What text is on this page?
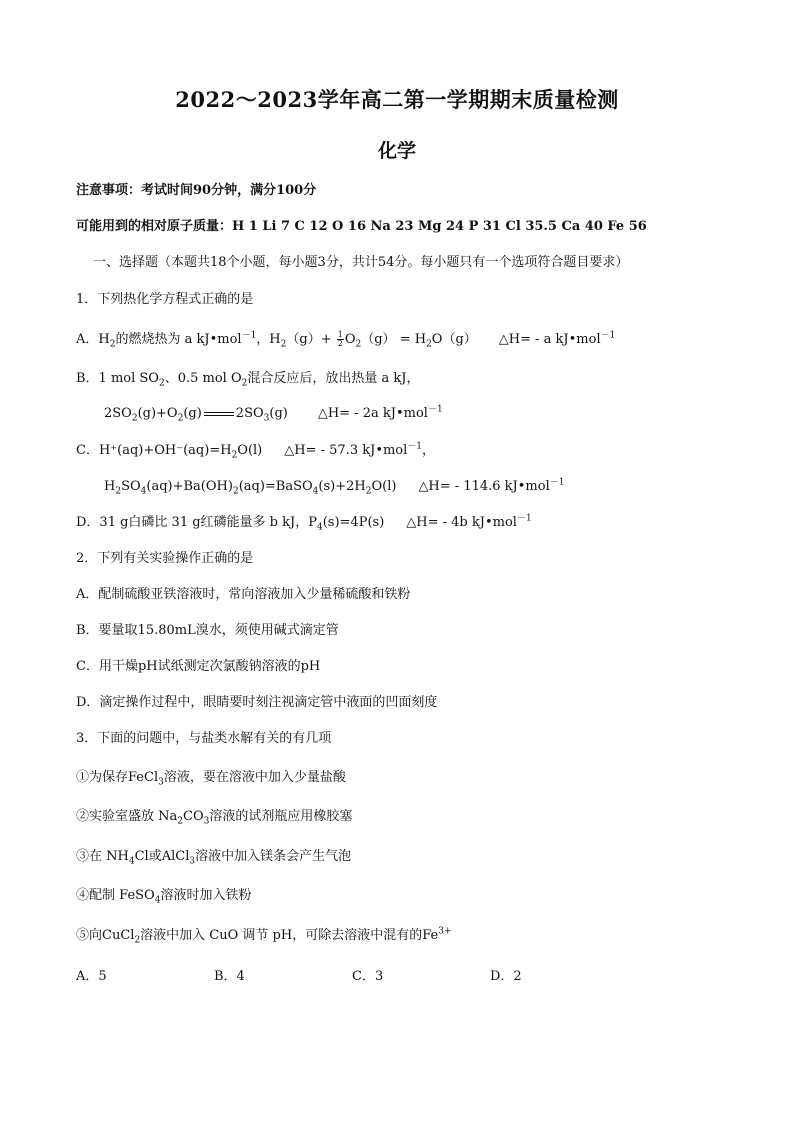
2022～2023学年高二第一学期期末质量检测
化学
注意事项：考试时间90分钟，满分100分
可能用到的相对原子质量：H 1 Li 7 C 12 O 16 Na 23 Mg 24 P 31 Cl 35.5 Ca 40 Fe 56
一、选择题（本题共18个小题，每小题3分，共计54分。每小题只有一个选项符合题目要求）
1．下列热化学方程式正确的是
A．$H_2$的燃烧热为 a kJ•mol$^{-1}$，$H_2(g)+ \frac{1}{2} O_2(g) = H_2O(g)$ △H= - a kJ•mol$^{-1}$
B．1 mol $SO_2$、0.5 mol $O_2$混合反应后，放出热量 a kJ，
$2SO_2(g)+O_2(g)$	$2SO_3(g)$ △H= - 2a kJ•mol$^{-1}$
C．$H^+(aq)+OH^-(aq)=H_2O(l)$ △H= - 57.3 kJ•mol$^{-1}$，
$H_2SO_4(aq)+Ba(OH)_2(aq)=BaSO_4(s)+2H_2O(l)$ △H= - 114.6 kJ•mol$^{-1}$
D．31 g白磷比 31 g红磷能量多 b kJ，$P_4(s)=4P(s)$ △H= - 4b kJ•mol$^{-1}$
2．下列有关实验操作正确的是
A．配制硫酸亚铁溶液时，常向溶液加入少量稀硫酸和铁粉
B．要量取15.80mL溴水，须使用碱式滴定管
C．用干燥pH试纸测定次氯酸钠溶液的pH
D．滴定操作过程中，眼睛要时刻注视滴定管中液面的凹面刻度
3．下面的问题中，与盐类水解有关的有几项
①为保存FeCl$_3$溶液，要在溶液中加入少量盐酸
②实验室盛放 $Na_2CO_3$溶液的试剂瓶应用橡胶塞
③在 $NH_4Cl$或AlCl$_3$溶液中加入镁条会产生气泡
④配制 FeSO$_4$溶液时加入铁粉
⑤向CuCl$_2$溶液中加入 CuO 调节 pH，可除去溶液中混有的$Fe^{3+}$
A．5	B．4	C．3	D．2
